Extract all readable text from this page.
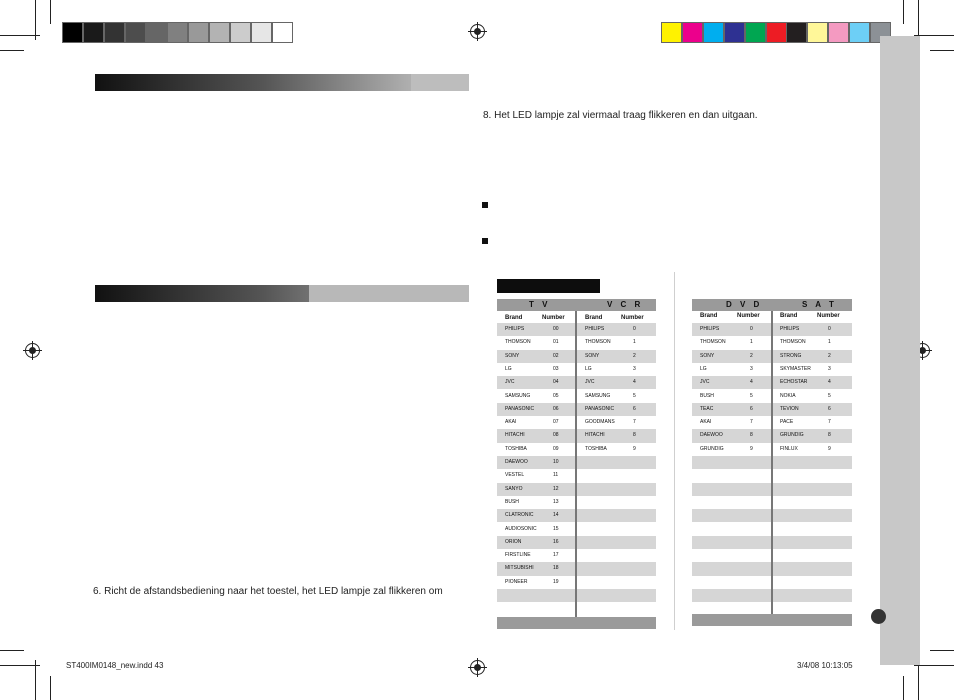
6. Richt de afstandsbediening naar het toestel, het LED lampje zal flikkeren om
8. Het LED lampje zal viermaal traag flikkeren en dan uitgaan.
T V	V C R
Brand	Number	Brand	Number
PHILIPS	00	PHILIPS	0
THOMSON	01	THOMSON	1
SONY	02	SONY	2
LG	03	LG	3
JVC	04	JVC	4
SAMSUNG	05	SAMSUNG	5
PANASONIC	06	PANASONIC	6
AKAI	07	GOODMANS	7
HITACHI	08	HITACHI	8
TOSHIBA	09	TOSHIBA	9
DAEWOO	10
VESTEL	11
SANYO	12
BUSH	13
CLATRONIC	14
AUDIOSONIC	15
ORION	16
FIRSTLINE	17
MITSUBISHI	18
PIONEER	19
D V D	S A T
Brand	Number	Brand	Number
PHILIPS	0	PHILIPS	0
THOMSON	1	THOMSON	1
SONY	2	STRONG	2
LG	3	SKYMASTER	3
JVC	4	ECHOSTAR	4
BUSH	5	NOKIA	5
TEAC	6	TEVION	6
AKAI	7	PACE	7
DAEWOO	8	GRUNDIG	8
GRUNDIG	9	FINLUX	9
ST400IM0148_new.indd 43	3/4/08 10:13:05
